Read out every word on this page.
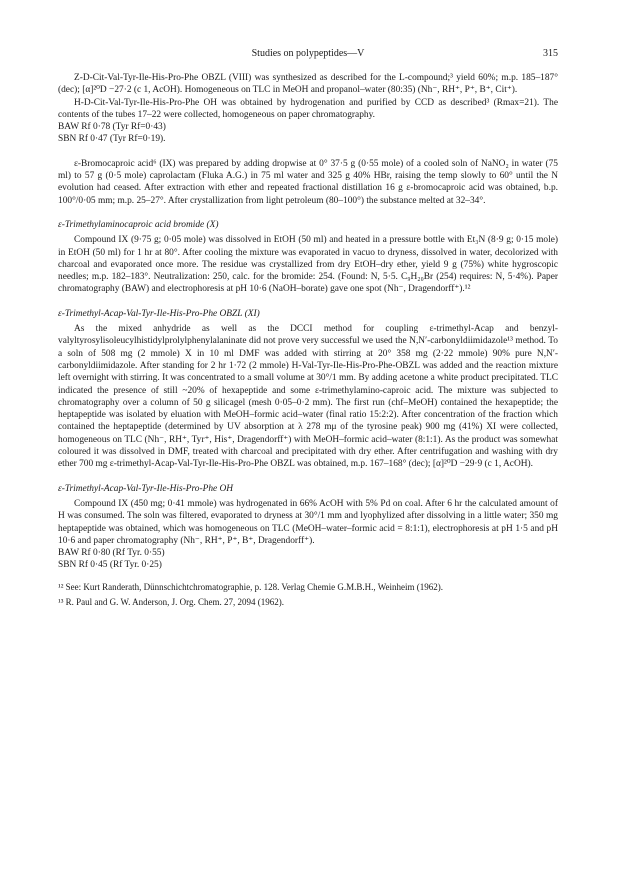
Studies on polypeptides—V	315

Z-D-Cit-Val-Tyr-Ile-His-Pro-Phe OBZL (VIII) was synthesized as described for the L-compound;³ yield 60%; m.p. 185–187° (dec); [α]²⁰D −27·2 (c 1, AcOH). Homogeneous on TLC in MeOH and propanol–water (80:35) (Nh⁻, RH⁺, P⁺, B⁺, Cit⁺).

H-D-Cit-Val-Tyr-Ile-His-Pro-Phe OH was obtained by hydrogenation and purified by CCD as described³ (Rmax=21). The contents of the tubes 17–22 were collected, homogeneous on paper chromatography.

BAW Rf 0·78 (Tyr Rf=0·43)

SBN Rf 0·47 (Tyr Rf=0·19).

ε-Bromocaproic acid⁶ (IX) was prepared by adding dropwise at 0° 37·5 g (0·55 mole) of a cooled soln of NaNO₂ in water (75 ml) to 57 g (0·5 mole) caprolactam (Fluka A.G.) in 75 ml water and 325 g 40% HBr, raising the temp slowly to 60° until the N evolution had ceased. After extraction with ether and repeated fractional distillation 16 g ε-bromocaproic acid was obtained, b.p. 100°/0·05 mm; m.p. 25–27°. After crystallization from light petroleum (80–100°) the substance melted at 32–34°.

ε-Trimethylaminocaproic acid bromide (X)

Compound IX (9·75 g; 0·05 mole) was dissolved in EtOH (50 ml) and heated in a pressure bottle with Et₃N (8·9 g; 0·15 mole) in EtOH (50 ml) for 1 hr at 80°. After cooling the mixture was evaporated in vacuo to dryness, dissolved in water, decolorized with charcoal and evaporated once more. The residue was crystallized from dry EtOH–dry ether, yield 9 g (75%) white hygroscopic needles; m.p. 182–183°. Neutralization: 250, calc. for the bromide: 254. (Found: N, 5·5. C₉H₂₀Br (254) requires: N, 5·4%). Paper chromatography (BAW) and electrophoresis at pH 10·6 (NaOH–borate) gave one spot (Nh⁻, Dragendorff⁺).¹²

ε-Trimethyl-Acap-Val-Tyr-Ile-His-Pro-Phe OBZL (XI)

As the mixed anhydride as well as the DCCI method for coupling ε-trimethyl-Acap and benzyl-valyltyrosylisoleucylhistidylprolylphenylalaninate did not prove very successful we used the N,N′-carbonyldiimidazole¹³ method. To a soln of 508 mg (2 mmole) X in 10 ml DMF was added with stirring at 20° 358 mg (2·22 mmole) 90% pure N,N′-carbonyldiimidazole. After standing for 2 hr 1·72 (2 mmole) H-Val-Tyr-Ile-His-Pro-Phe-OBZL was added and the reaction mixture left overnight with stirring. It was concentrated to a small volume at 30°/1 mm. By adding acetone a white product precipitated. TLC indicated the presence of still ~20% of hexapeptide and some ε-trimethylamino-caproic acid. The mixture was subjected to chromatography over a column of 50 g silicagel (mesh 0·05–0·2 mm). The first run (chf–MeOH) contained the hexapeptide; the heptapeptide was isolated by eluation with MeOH–formic acid–water (final ratio 15:2:2). After concentration of the fraction which contained the heptapeptide (determined by UV absorption at λ 278 mμ of the tyrosine peak) 900 mg (41%) XI were collected, homogeneous on TLC (Nh⁻, RH⁺, Tyr⁺, His⁺, Dragendorff⁺) with MeOH–formic acid–water (8:1:1). As the product was somewhat coloured it was dissolved in DMF, treated with charcoal and precipitated with dry ether. After centrifugation and washing with dry ether 700 mg ε-trimethyl-Acap-Val-Tyr-Ile-His-Pro-Phe OBZL was obtained, m.p. 167–168° (dec); [α]²⁰D −29·9 (c 1, AcOH).

ε-Trimethyl-Acap-Val-Tyr-Ile-His-Pro-Phe OH

Compound IX (450 mg; 0·41 mmole) was hydrogenated in 66% AcOH with 5% Pd on coal. After 6 hr the calculated amount of H was consumed. The soln was filtered, evaporated to dryness at 30°/1 mm and lyophylized after dissolving in a little water; 350 mg heptapeptide was obtained, which was homogeneous on TLC (MeOH–water–formic acid = 8:1:1), electrophoresis at pH 1·5 and pH 10·6 and paper chromatography (Nh⁻, RH⁺, P⁺, B⁺, Dragendorff⁺).

BAW Rf 0·80 (Rf Tyr. 0·55)

SBN Rf 0·45 (Rf Tyr. 0·25)

¹² See: Kurt Randerath, Dünnschichtchromatographie, p. 128. Verlag Chemie G.M.B.H., Weinheim (1962).

¹³ R. Paul and G. W. Anderson, J. Org. Chem. 27, 2094 (1962).
